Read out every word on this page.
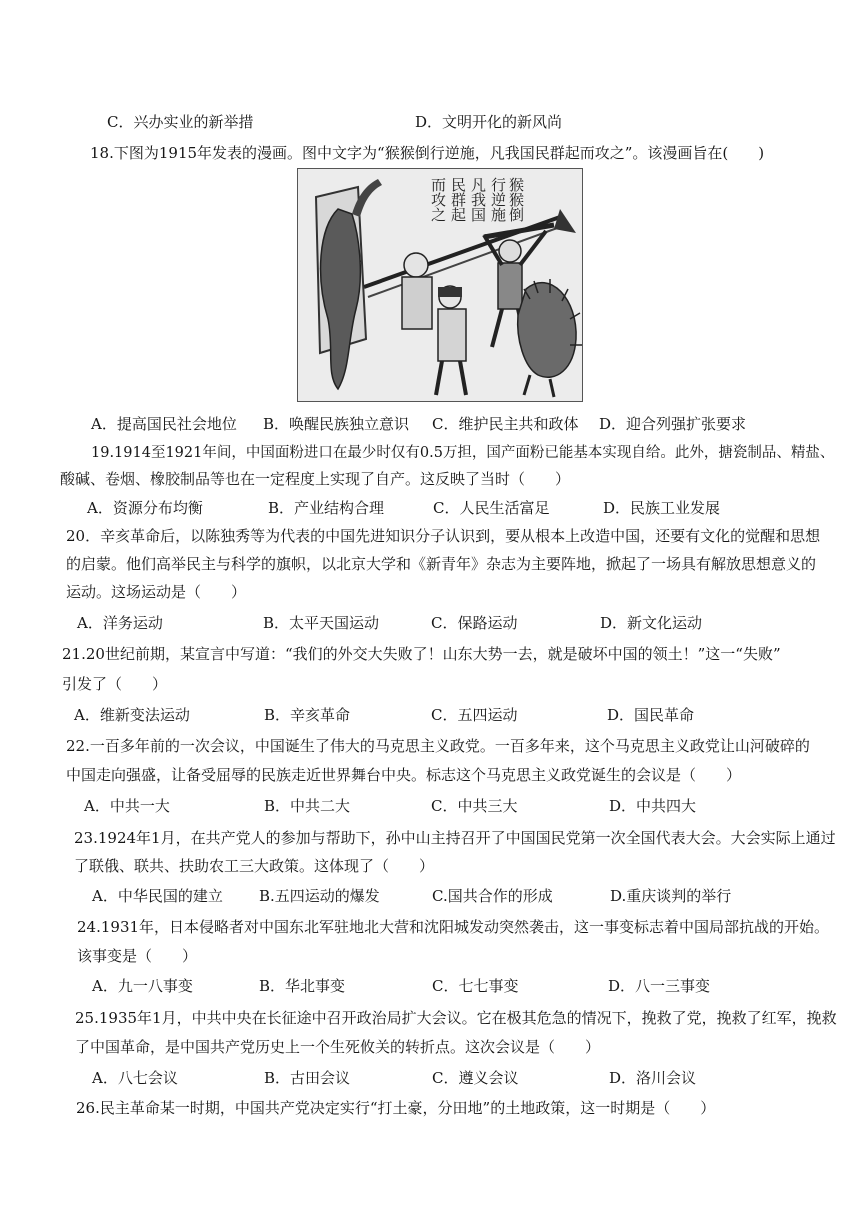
C．兴办实业的新举措	D．文明开化的新风尚
18.下图为1915年发表的漫画。图中文字为“猴猴倒行逆施，凡我国民群起而攻之”。该漫画旨在(　　)
猴猴倒
行逆施
凡我国
民群起
而攻之
A．提高国民社会地位 B．唤醒民族独立意识 C．维护民主共和政体 D．迎合列强扩张要求
19.1914至1921年间，中国面粉进口在最少时仅有0.5万担，国产面粉已能基本实现自给。此外，搪瓷制品、精盐、
酸碱、卷烟、橡胶制品等也在一定程度上实现了自产。这反映了当时（　　）
A．资源分布均衡	B．产业结构合理	C．人民生活富足	D．民族工业发展
20．辛亥革命后，以陈独秀等为代表的中国先进知识分子认识到，要从根本上改造中国，还要有文化的觉醒和思想
的启蒙。他们高举民主与科学的旗帜，以北京大学和《新青年》杂志为主要阵地，掀起了一场具有解放思想意义的
运动。这场运动是（　　）
A．洋务运动	B．太平天国运动	C．保路运动	D．新文化运动
21.20世纪前期，某宣言中写道：“我们的外交大失败了！山东大势一去，就是破坏中国的领土！”这一“失败”
引发了（　　）
A．维新变法运动	B．辛亥革命	C．五四运动	D．国民革命
22.一百多年前的一次会议，中国诞生了伟大的马克思主义政党。一百多年来，这个马克思主义政党让山河破碎的
中国走向强盛，让备受屈辱的民族走近世界舞台中央。标志这个马克思主义政党诞生的会议是（　　）
A．中共一大	B．中共二大	C．中共三大	D．中共四大
23.1924年1月，在共产党人的参加与帮助下，孙中山主持召开了中国国民党第一次全国代表大会。大会实际上通过
了联俄、联共、扶助农工三大政策。这体现了（　　）
A．中华民国的建立 B.五四运动的爆发	C.国共合作的形成	D.重庆谈判的举行
24.1931年，日本侵略者对中国东北军驻地北大营和沈阳城发动突然袭击，这一事变标志着中国局部抗战的开始。
该事变是（　　）
A．九一八事变	B．华北事变	C．七七事变	D．八一三事变
25.1935年1月，中共中央在长征途中召开政治局扩大会议。它在极其危急的情况下，挽救了党，挽救了红军，挽救
了中国革命，是中国共产党历史上一个生死攸关的转折点。这次会议是（　　）
A．八七会议	B．古田会议	C．遵义会议	D．洛川会议
26.民主革命某一时期，中国共产党决定实行“打土豪，分田地”的土地政策，这一时期是（　　）
